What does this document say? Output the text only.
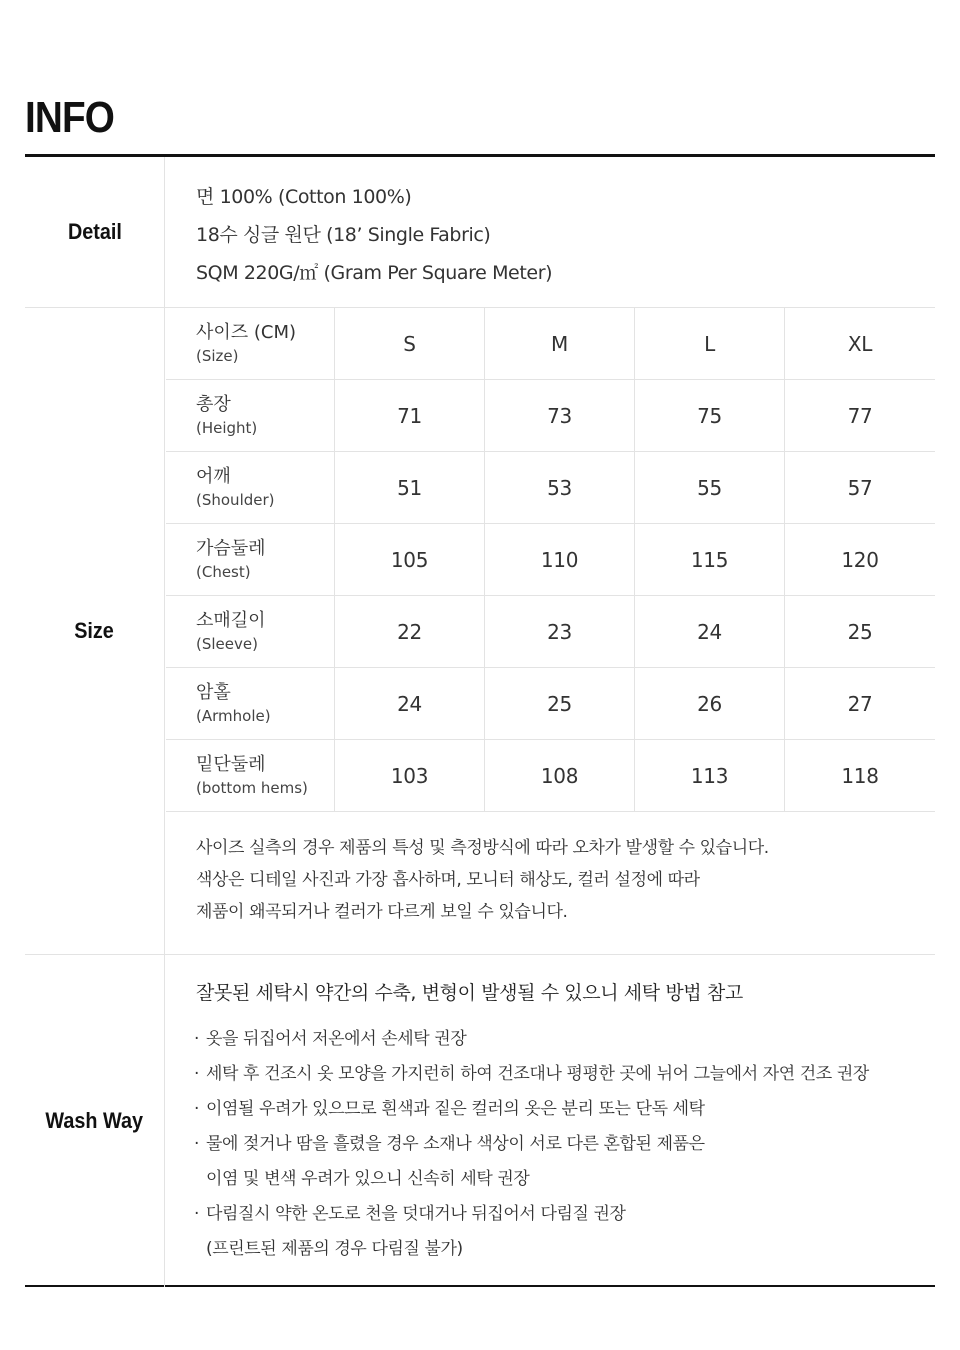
INFO
Detail
면 100% (Cotton 100%)
18수 싱글 원단 (18’ Single Fabric)
SQM 220G/㎡ (Gram Per Square Meter)
Size
사이즈 (CM)
(Size)	S	M	L	XL
총장
(Height)	71	73	75	77
어깨
(Shoulder)	51	53	55	57
가슴둘레
(Chest)	105	110	115	120
소매길이
(Sleeve)	22	23	24	25
암홀
(Armhole)	24	25	26	27
밑단둘레
(bottom hems)	103	108	113	118
사이즈 실측의 경우 제품의 특성 및 측정방식에 따라 오차가 발생할 수 있습니다.
색상은 디테일 사진과 가장 흡사하며, 모니터 해상도, 컬러 설정에 따라
제품이 왜곡되거나 컬러가 다르게 보일 수 있습니다.
Wash Way
잘못된 세탁시 약간의 수축, 변형이 발생될 수 있으니 세탁 방법 참고
· 옷을 뒤집어서 저온에서 손세탁 권장
· 세탁 후 건조시 옷 모양을 가지런히 하여 건조대나 평평한 곳에 뉘어 그늘에서 자연 건조 권장
· 이염될 우려가 있으므로 흰색과 짙은 컬러의 옷은 분리 또는 단독 세탁
· 물에 젖거나 땀을 흘렸을 경우 소재나 색상이 서로 다른 혼합된 제품은
이염 및 변색 우려가 있으니 신속히 세탁 권장
· 다림질시 약한 온도로 천을 덧대거나 뒤집어서 다림질 권장
(프린트된 제품의 경우 다림질 불가)
